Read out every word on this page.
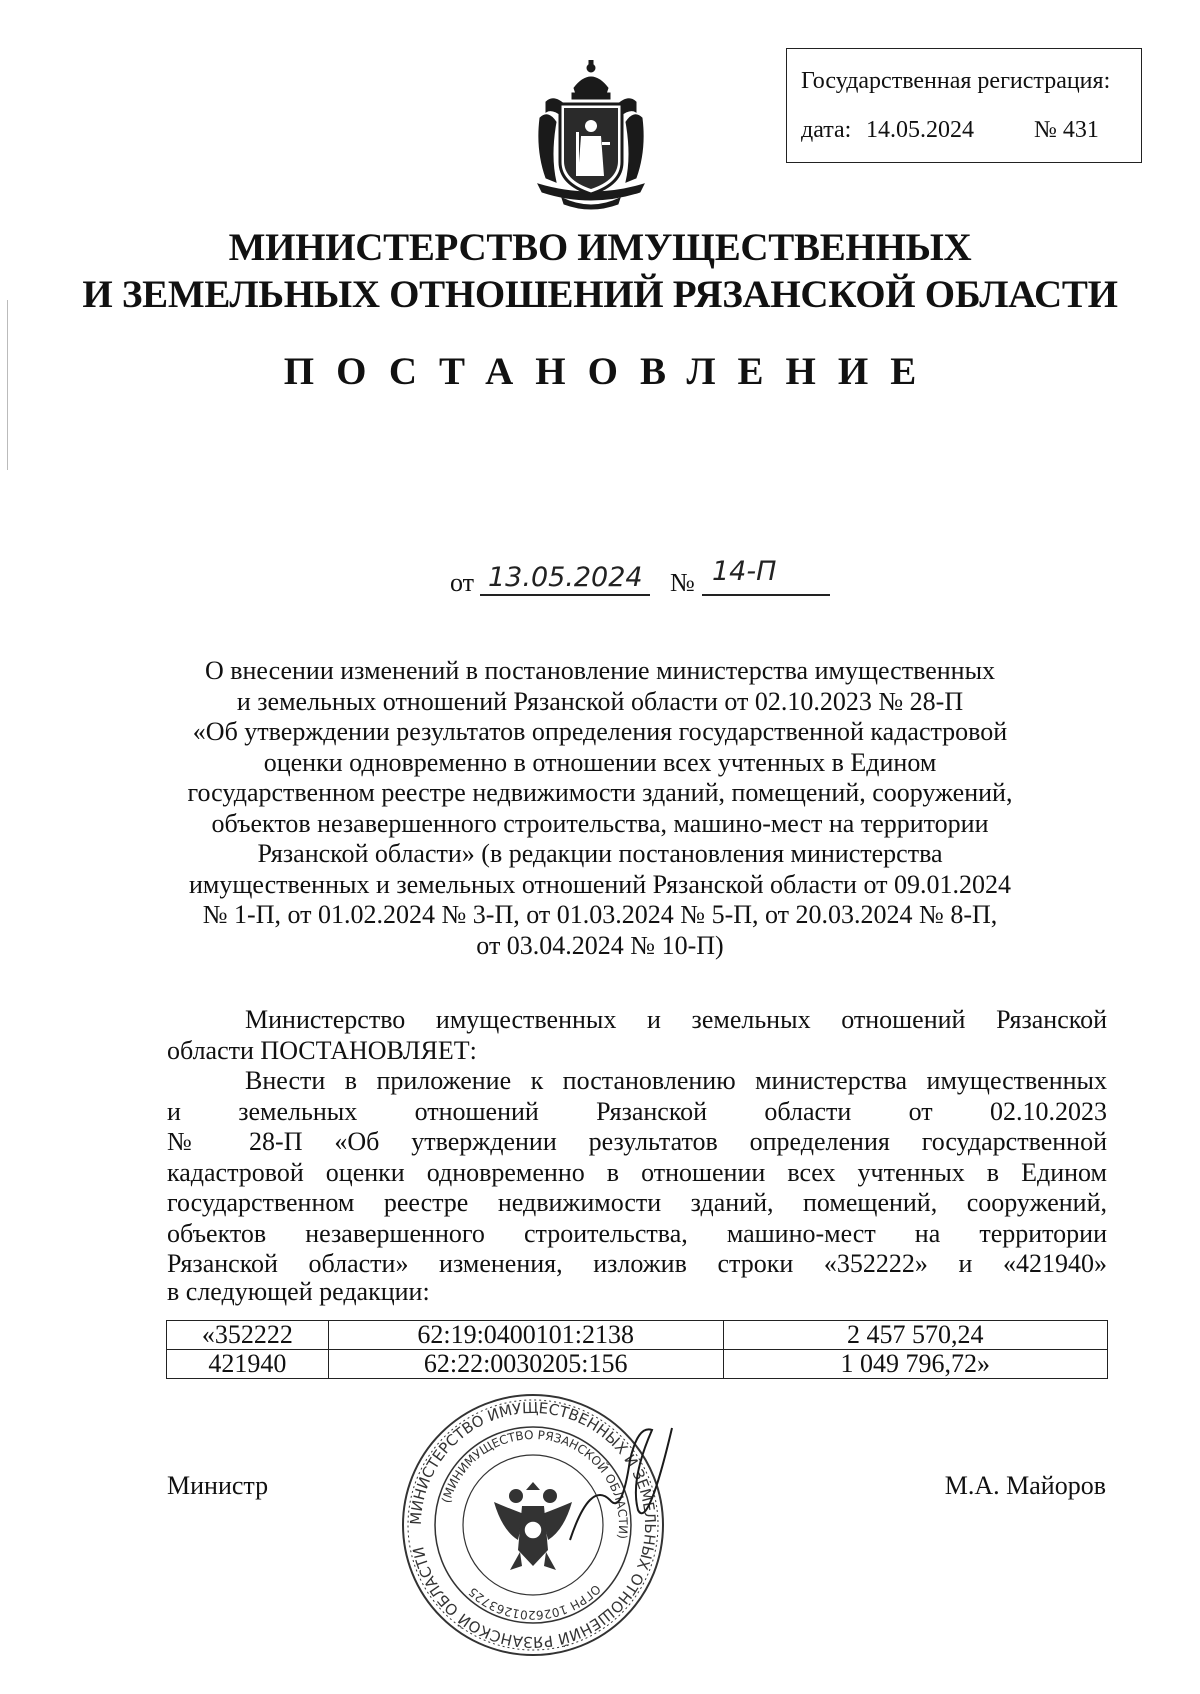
Государственная регистрация:
дата: 14.05.2024	№ 431
МИНИСТЕРСТВО ИМУЩЕСТВЕННЫХ
И ЗЕМЕЛЬНЫХ ОТНОШЕНИЙ РЯЗАНСКОЙ ОБЛАСТИ
ПОСТАНОВЛЕНИЕ
от 13.05.2024 № 14-П
О внесении изменений в постановление министерства имущественных
и земельных отношений Рязанской области от 02.10.2023 № 28-П
«Об утверждении результатов определения государственной кадастровой
оценки одновременно в отношении всех учтенных в Едином
государственном реестре недвижимости зданий, помещений, сооружений,
объектов незавершенного строительства, машино-мест на территории
Рязанской области» (в редакции постановления министерства
имущественных и земельных отношений Рязанской области от 09.01.2024
№ 1-П, от 01.02.2024 № 3-П, от 01.03.2024 № 5-П, от 20.03.2024 № 8-П,
от 03.04.2024 № 10-П)
Министерство имущественных и земельных отношений Рязанской
области ПОСТАНОВЛЯЕТ:
Внести в приложение к постановлению министерства имущественных
и земельных отношений Рязанской области от 02.10.2023
№ 28-П «Об утверждении результатов определения государственной
кадастровой оценки одновременно в отношении всех учтенных в Едином
государственном реестре недвижимости зданий, помещений, сооружений,
объектов незавершенного строительства, машино-мест на территории
Рязанской области» изменения, изложив строки «352222» и «421940»
в следующей редакции:
«352222	62:19:0400101:2138	2 457 570,24
421940	62:22:0030205:156	1 049 796,72»
МИНИСТЕРСТВО ИМУЩЕСТВЕННЫХ И ЗЕМЕЛЬНЫХ ОТНОШЕНИЙ РЯЗАНСКОЙ ОБЛАСТИ
(МИНИМУЩЕСТВО РЯЗАНСКОЙ ОБЛАСТИ)
ОГРН 1026201263725
Министр	М.А. Майоров
